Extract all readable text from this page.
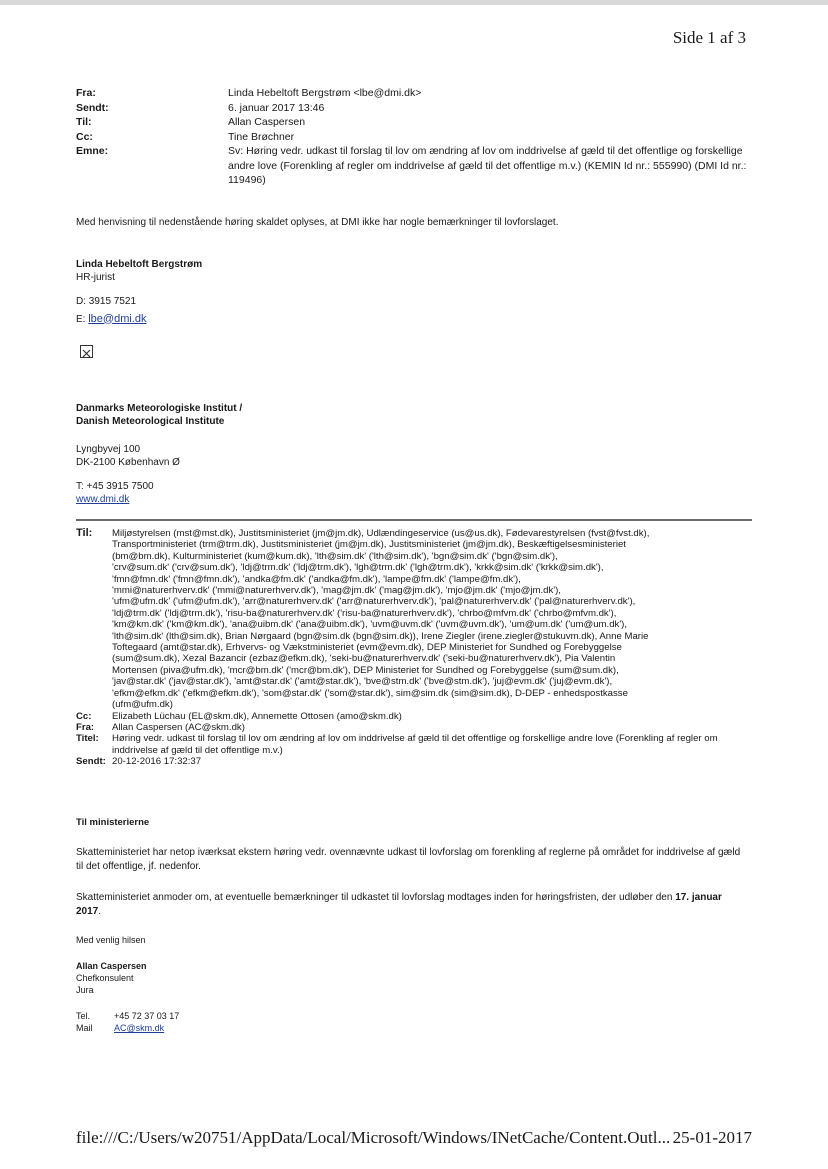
Side 1 af 3
Fra:	Linda Hebeltoft Bergstrøm <lbe@dmi.dk>
Sendt:	6. januar 2017 13:46
Til:	Allan Caspersen
Cc:	Tine Brøchner
Emne:	Sv: Høring vedr. udkast til forslag til lov om ændring af lov om inddrivelse af gæld til det offentlige og forskellige andre love (Forenkling af regler om inddrivelse af gæld til det offentlige m.v.) (KEMIN Id nr.: 555990) (DMI Id nr.: 119496)

Med henvisning til nedenstående høring skaldet oplyses, at DMI ikke har nogle bemærkninger til lovforslaget.

Linda Hebeltoft Bergstrøm

HR-jurist

D: 3915 7521

E: lbe@dmi.dk

Danmarks Meteorologiske Institut /

Danish Meteorological Institute

Lyngbyvej 100

DK-2100 København Ø

T: +45 3915 7500

www.dmi.dk

Til:	Miljøstyrelsen (mst@mst.dk), Justitsministeriet (jm@jm.dk), Udlændingeservice (us@us.dk), Fødevarestyrelsen (fvst@fvst.dk),
Transportministeriet (trm@trm.dk), Justitsministeriet (jm@jm.dk), Justitsministeriet (jm@jm.dk), Beskæftigelsesministeriet
(bm@bm.dk), Kulturministeriet (kum@kum.dk), 'lth@sim.dk' ('lth@sim.dk'), 'bgn@sim.dk' ('bgn@sim.dk'),
'crv@sum.dk' ('crv@sum.dk'), 'ldj@trm.dk' ('ldj@trm.dk'), 'lgh@trm.dk' ('lgh@trm.dk'), 'krkk@sim.dk' ('krkk@sim.dk'),
'fmn@fmn.dk' ('fmn@fmn.dk'), 'andka@fm.dk' ('andka@fm.dk'), 'lampe@fm.dk' ('lampe@fm.dk'),
'mmi@naturerhverv.dk' ('mmi@naturerhverv.dk'), 'mag@jm.dk' ('mag@jm.dk'), 'mjo@jm.dk' ('mjo@jm.dk'),
'ufm@ufm.dk' ('ufm@ufm.dk'), 'arr@naturerhverv.dk' ('arr@naturerhverv.dk'), 'pal@naturerhverv.dk' ('pal@naturerhverv.dk'),
'ldj@trm.dk' ('ldj@trm.dk'), 'risu-ba@naturerhverv.dk' ('risu-ba@naturerhverv.dk'), 'chrbo@mfvm.dk' ('chrbo@mfvm.dk'),
'km@km.dk' ('km@km.dk'), 'ana@uibm.dk' ('ana@uibm.dk'), 'uvm@uvm.dk' ('uvm@uvm.dk'), 'um@um.dk' ('um@um.dk'),
'lth@sim.dk' (lth@sim.dk), Brian Nørgaard (bgn@sim.dk (bgn@sim.dk)), Irene Ziegler (irene.ziegler@stukuvm.dk), Anne Marie
Toftegaard (amt@star.dk), Erhvervs- og Vækstministeriet (evm@evm.dk), DEP Ministeriet for Sundhed og Forebyggelse
(sum@sum.dk), Xezal Bazancir (ezbaz@efkm.dk), 'seki-bu@naturerhverv.dk' ('seki-bu@naturerhverv.dk'), Pia Valentin
Mortensen (piva@ufm.dk), 'mcr@bm.dk' ('mcr@bm.dk'), DEP Ministeriet for Sundhed og Forebyggelse (sum@sum.dk),
'jav@star.dk' ('jav@star.dk'), 'amt@star.dk' ('amt@star.dk'), 'bve@stm.dk' ('bve@stm.dk'), 'juj@evm.dk' ('juj@evm.dk'),
'efkm@efkm.dk' ('efkm@efkm.dk'), 'som@star.dk' ('som@star.dk'), sim@sim.dk (sim@sim.dk), D-DEP - enhedspostkasse
(ufm@ufm.dk)
Cc:	Elizabeth Lüchau (EL@skm.dk), Annemette Ottosen (amo@skm.dk)
Fra:	Allan Caspersen (AC@skm.dk)
Titel:	Høring vedr. udkast til forslag til lov om ændring af lov om inddrivelse af gæld til det offentlige og forskellige andre love (Forenkling af regler om inddrivelse af gæld til det offentlige m.v.)
Sendt: 20-12-2016 17:32:37

Til ministerierne

Skatteministeriet har netop iværksat ekstern høring vedr. ovennævnte udkast til lovforslag om forenkling af reglerne på området for inddrivelse af gæld til det offentlige, jf. nedenfor.

Skatteministeriet anmoder om, at eventuelle bemærkninger til udkastet til lovforslag modtages inden for høringsfristen, der udløber den 17. januar 2017.

Med venlig hilsen

Allan Caspersen

Chefkonsulent

Jura

Tel.	+45 72 37 03 17
Mail	AC@skm.dk
file:///C:/Users/w20751/AppData/Local/Microsoft/Windows/INetCache/Content.Outl... 25-01-2017
